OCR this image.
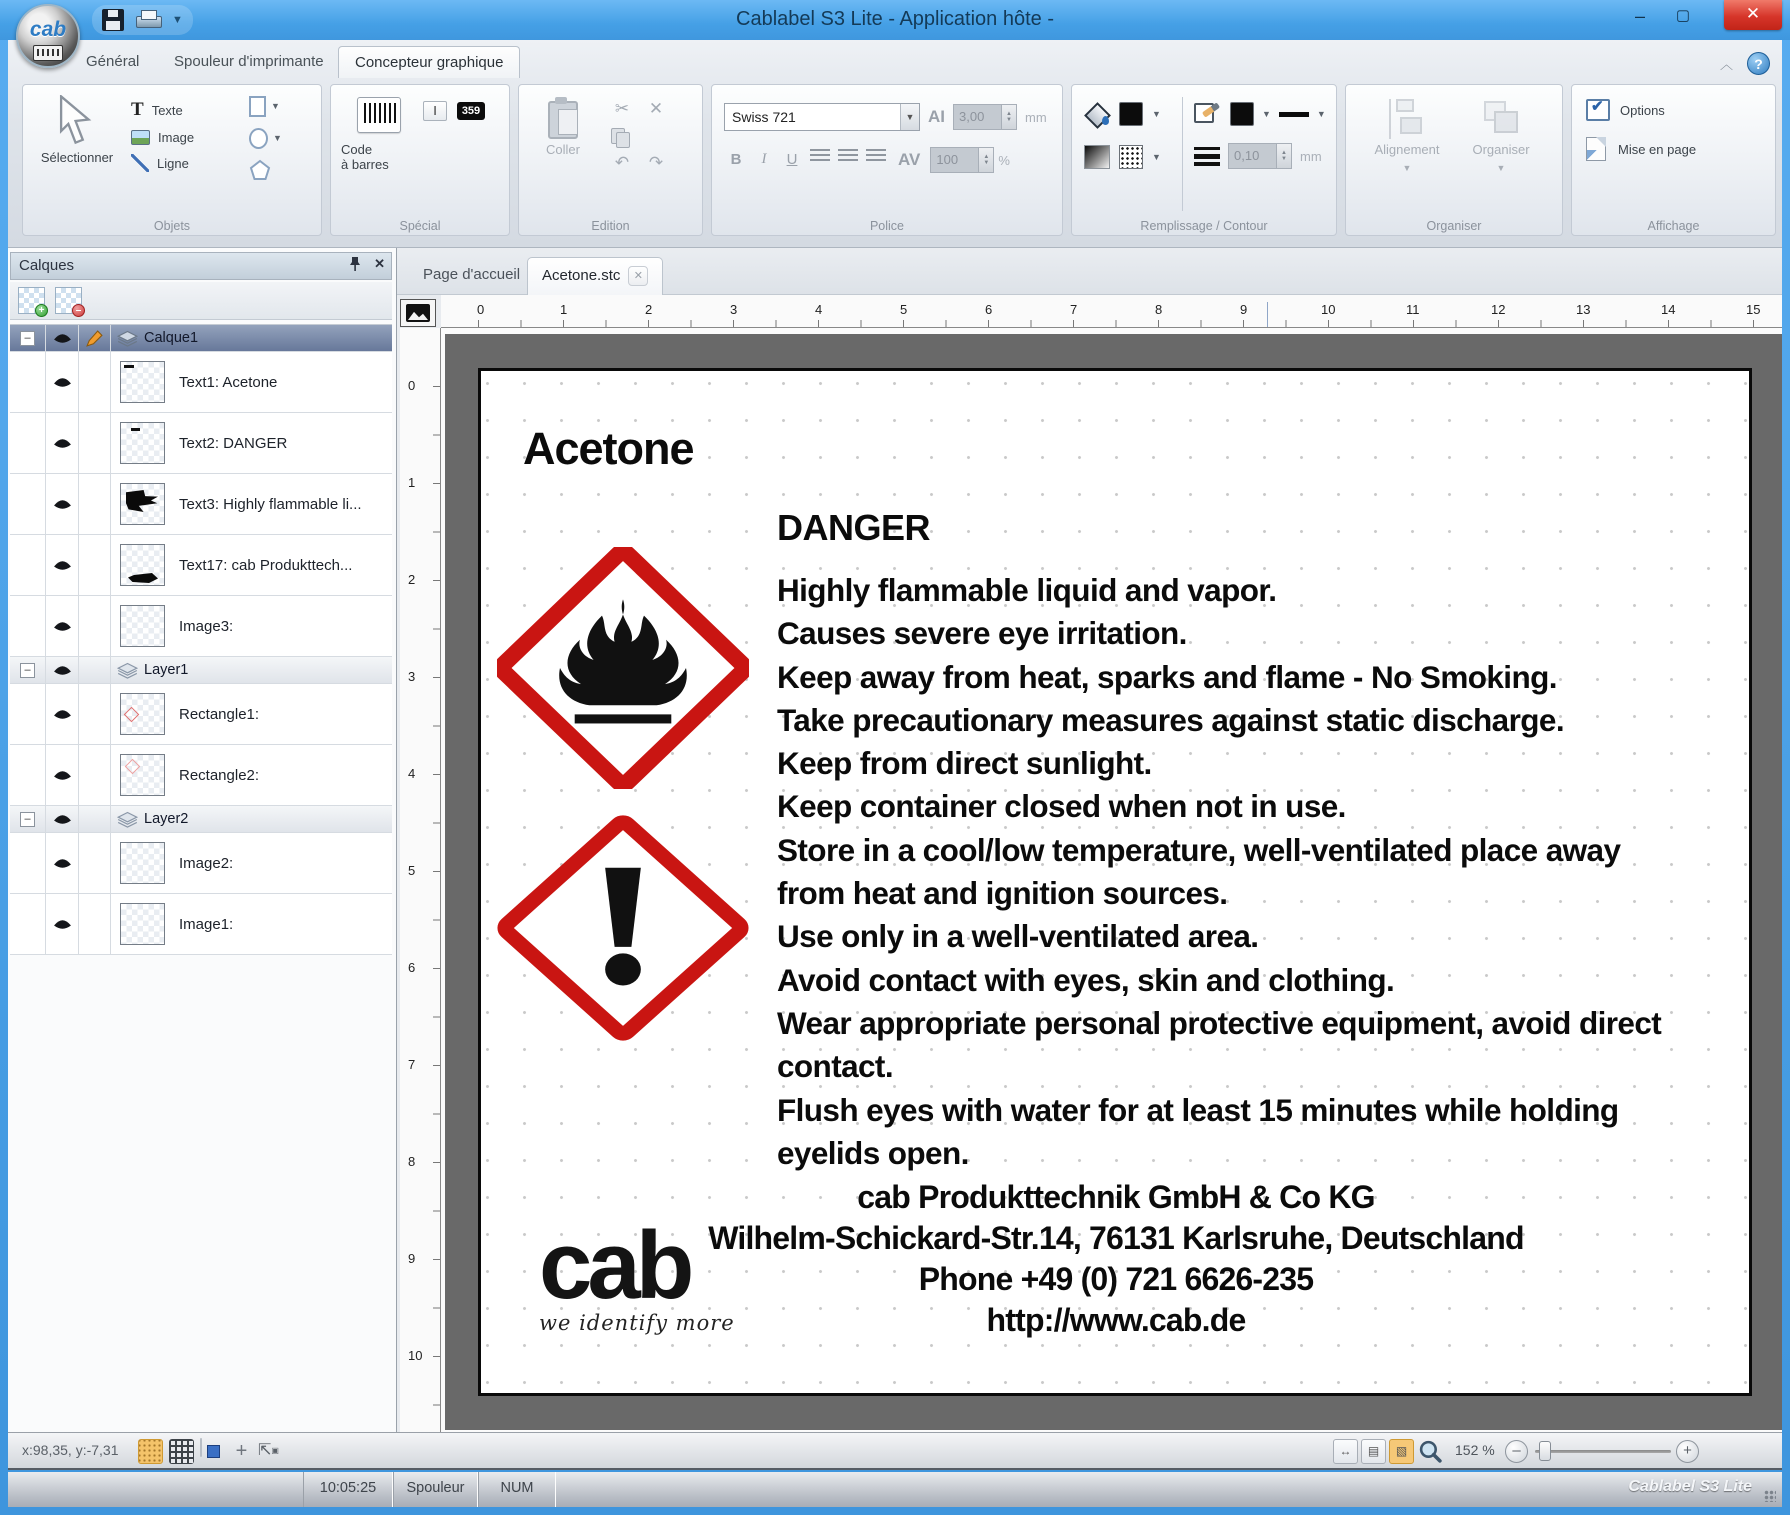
Cablabel S3 Lite - Application hôte -	–	▢	✕
cab	▼
Général	Spouleur d'imprimante	Concepteur graphique	︿	?
Sélectionner
T Texte
Image
Ligne
▼
▼
Objets
Code à barres
I	359
Spécial
Coller
✂ ✕
↶ ↷
Edition
Swiss 721	▼ AI	3,00	▲
▼	mm
B	I	U	AV	100	▲
▼ %
Police
▼
▼
▼	▼
0,10	▲
▼	mm
Remplissage / Contour
Alignement
▼
Organiser
▼
Organiser
✔
Options
Mise en page
Affichage
Calques	✕
+	–
–	Calque1
Text1: Acetone
Text2: DANGER
Text3: Highly flammable li...
Text17: cab Produkttech...
Image3:
–	Layer1
Rectangle1:
Rectangle2:
–	Layer2
Image2:
Image1:
Page d'accueil	Acetone.stc ✕
0	1	2	3	4	5	6	7	8	9	10	11	12	13	14	15
0
1
2
3
4
5
6
7
8
9
10
Acetone
DANGER
Highly flammable liquid and vapor.
Causes severe eye irritation.
Keep away from heat, sparks and flame - No Smoking.
Take precautionary measures against static discharge.
Keep from direct sunlight.
Keep container closed when not in use.
Store in a cool/low temperature, well-ventilated place away
from heat and ignition sources.
Use only in a well-ventilated area.
Avoid contact with eyes, skin and clothing.
Wear appropriate personal protective equipment, avoid direct
contact.
Flush eyes with water for at least 15 minutes while holding
eyelids open.
cab Produkttechnik GmbH & Co KG
Wilhelm-Schickard-Str.14, 76131 Karlsruhe, Deutschland
Phone +49 (0) 721 6626-235
http://www.cab.de
cab
we identify more
x:98,35, y:-7,31	+ ⇱▣	↔	▤	▧	152 %	–	+
10:05:25	Spouleur	NUM	Cablabel S3 Lite
